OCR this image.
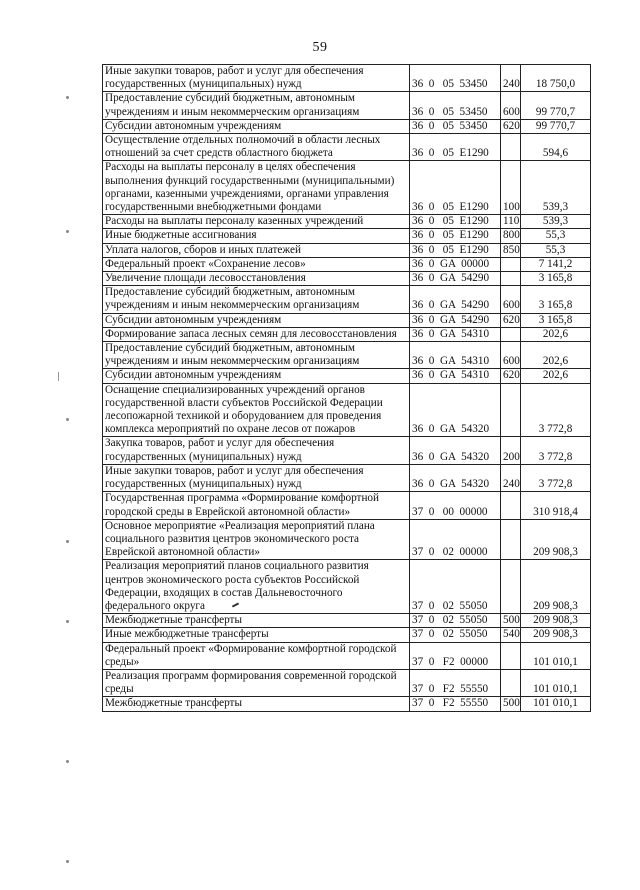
59
Иные закупки товаров, работ и услуг для обеспечения государственных (муниципальных) нужд	36  0   05  53450	240	18 750,0
Предоставление субсидий бюджетным, автономным учреждениям и иным некоммерческим организациям	36  0   05  53450	600	99 770,7
Субсидии автономным учреждениям	36  0   05  53450	620	99 770,7
Осуществление отдельных полномочий в области лесных отношений за счет средств областного бюджета	36  0   05  E1290		594,6
Расходы на выплаты персоналу в целях обеспечения выполнения функций государственными (муниципальными) органами, казенными учреждениями, органами управления государственными внебюджетными фондами	36  0   05  E1290	100	539,3
Расходы на выплаты персоналу казенных учреждений	36  0   05  E1290	110	539,3
Иные бюджетные ассигнования	36  0   05  E1290	800	55,3
Уплата налогов, сборов и иных платежей	36  0   05  E1290	850	55,3
Федеральный проект «Сохранение лесов»	36  0  GA  00000		7 141,2
Увеличение площади лесовосстановления	36  0  GA  54290		3 165,8
Предоставление субсидий бюджетным, автономным учреждениям и иным некоммерческим организациям	36  0  GA  54290	600	3 165,8
Субсидии автономным учреждениям	36  0  GA  54290	620	3 165,8
Формирование запаса лесных семян для лесовосстановления	36  0  GA  54310		202,6
Предоставление субсидий бюджетным, автономным учреждениям и иным некоммерческим организациям	36  0  GA  54310	600	202,6
Субсидии автономным учреждениям	36  0  GA  54310	620	202,6
Оснащение специализированных учреждений органов государственной власти субъектов Российской Федерации лесопожарной техникой и оборудованием для проведения комплекса мероприятий по охране лесов от пожаров	36  0  GA  54320		3 772,8
Закупка товаров, работ и услуг для обеспечения государственных (муниципальных) нужд	36  0  GA  54320	200	3 772,8
Иные закупки товаров, работ и услуг для обеспечения государственных (муниципальных) нужд	36  0  GA  54320	240	3 772,8
Государственная программа «Формирование комфортной городской среды в Еврейской автономной области»	37  0   00  00000		310 918,4
Основное мероприятие «Реализация мероприятий плана социального развития центров экономического роста Еврейской автономной области»	37  0   02  00000		209 908,3
Реализация мероприятий планов социального развития центров экономического роста субъектов Российской Федерации, входящих в состав Дальневосточного федерального округа	37  0   02  55050		209 908,3
Межбюджетные трансферты	37  0   02  55050	500	209 908,3
Иные межбюджетные трансферты	37  0   02  55050	540	209 908,3
Федеральный проект «Формирование комфортной городской среды»	37  0   F2  00000		101 010,1
Реализация программ формирования современной городской среды	37  0   F2  55550		101 010,1
Межбюджетные трансферты	37  0   F2  55550	500	101 010,1
